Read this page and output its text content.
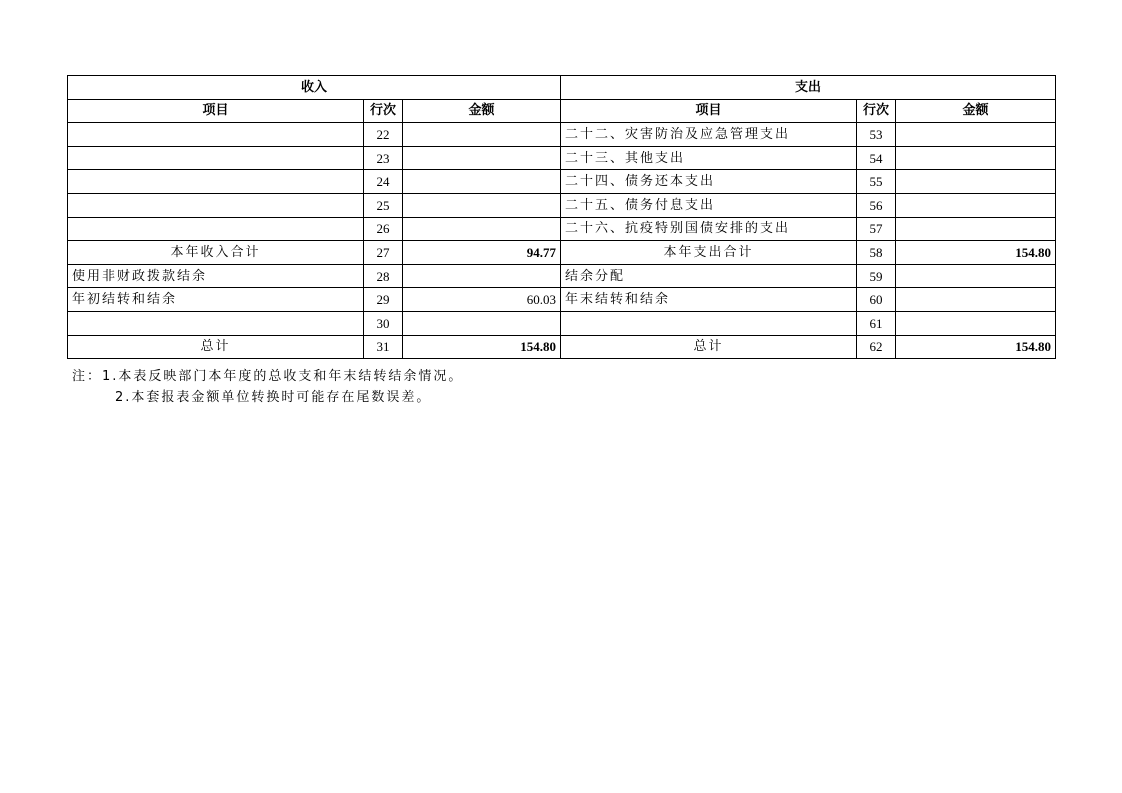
收入			支出		
项目	行次	金额	项目	行次	金额
	22		二十二、灾害防治及应急管理支出	53	
	23		二十三、其他支出	54	
	24		二十四、债务还本支出	55	
	25		二十五、债务付息支出	56	
	26		二十六、抗疫特别国债安排的支出	57	
本年收入合计	27	94.77	本年支出合计	58	154.80
使用非财政拨款结余	28		结余分配	59	
年初结转和结余	29	60.03	年末结转和结余	60	
	30			61	
总计	31	154.80	总计	62	154.80
注：1.本表反映部门本年度的总收支和年末结转结余情况。
2.本套报表金额单位转换时可能存在尾数误差。
